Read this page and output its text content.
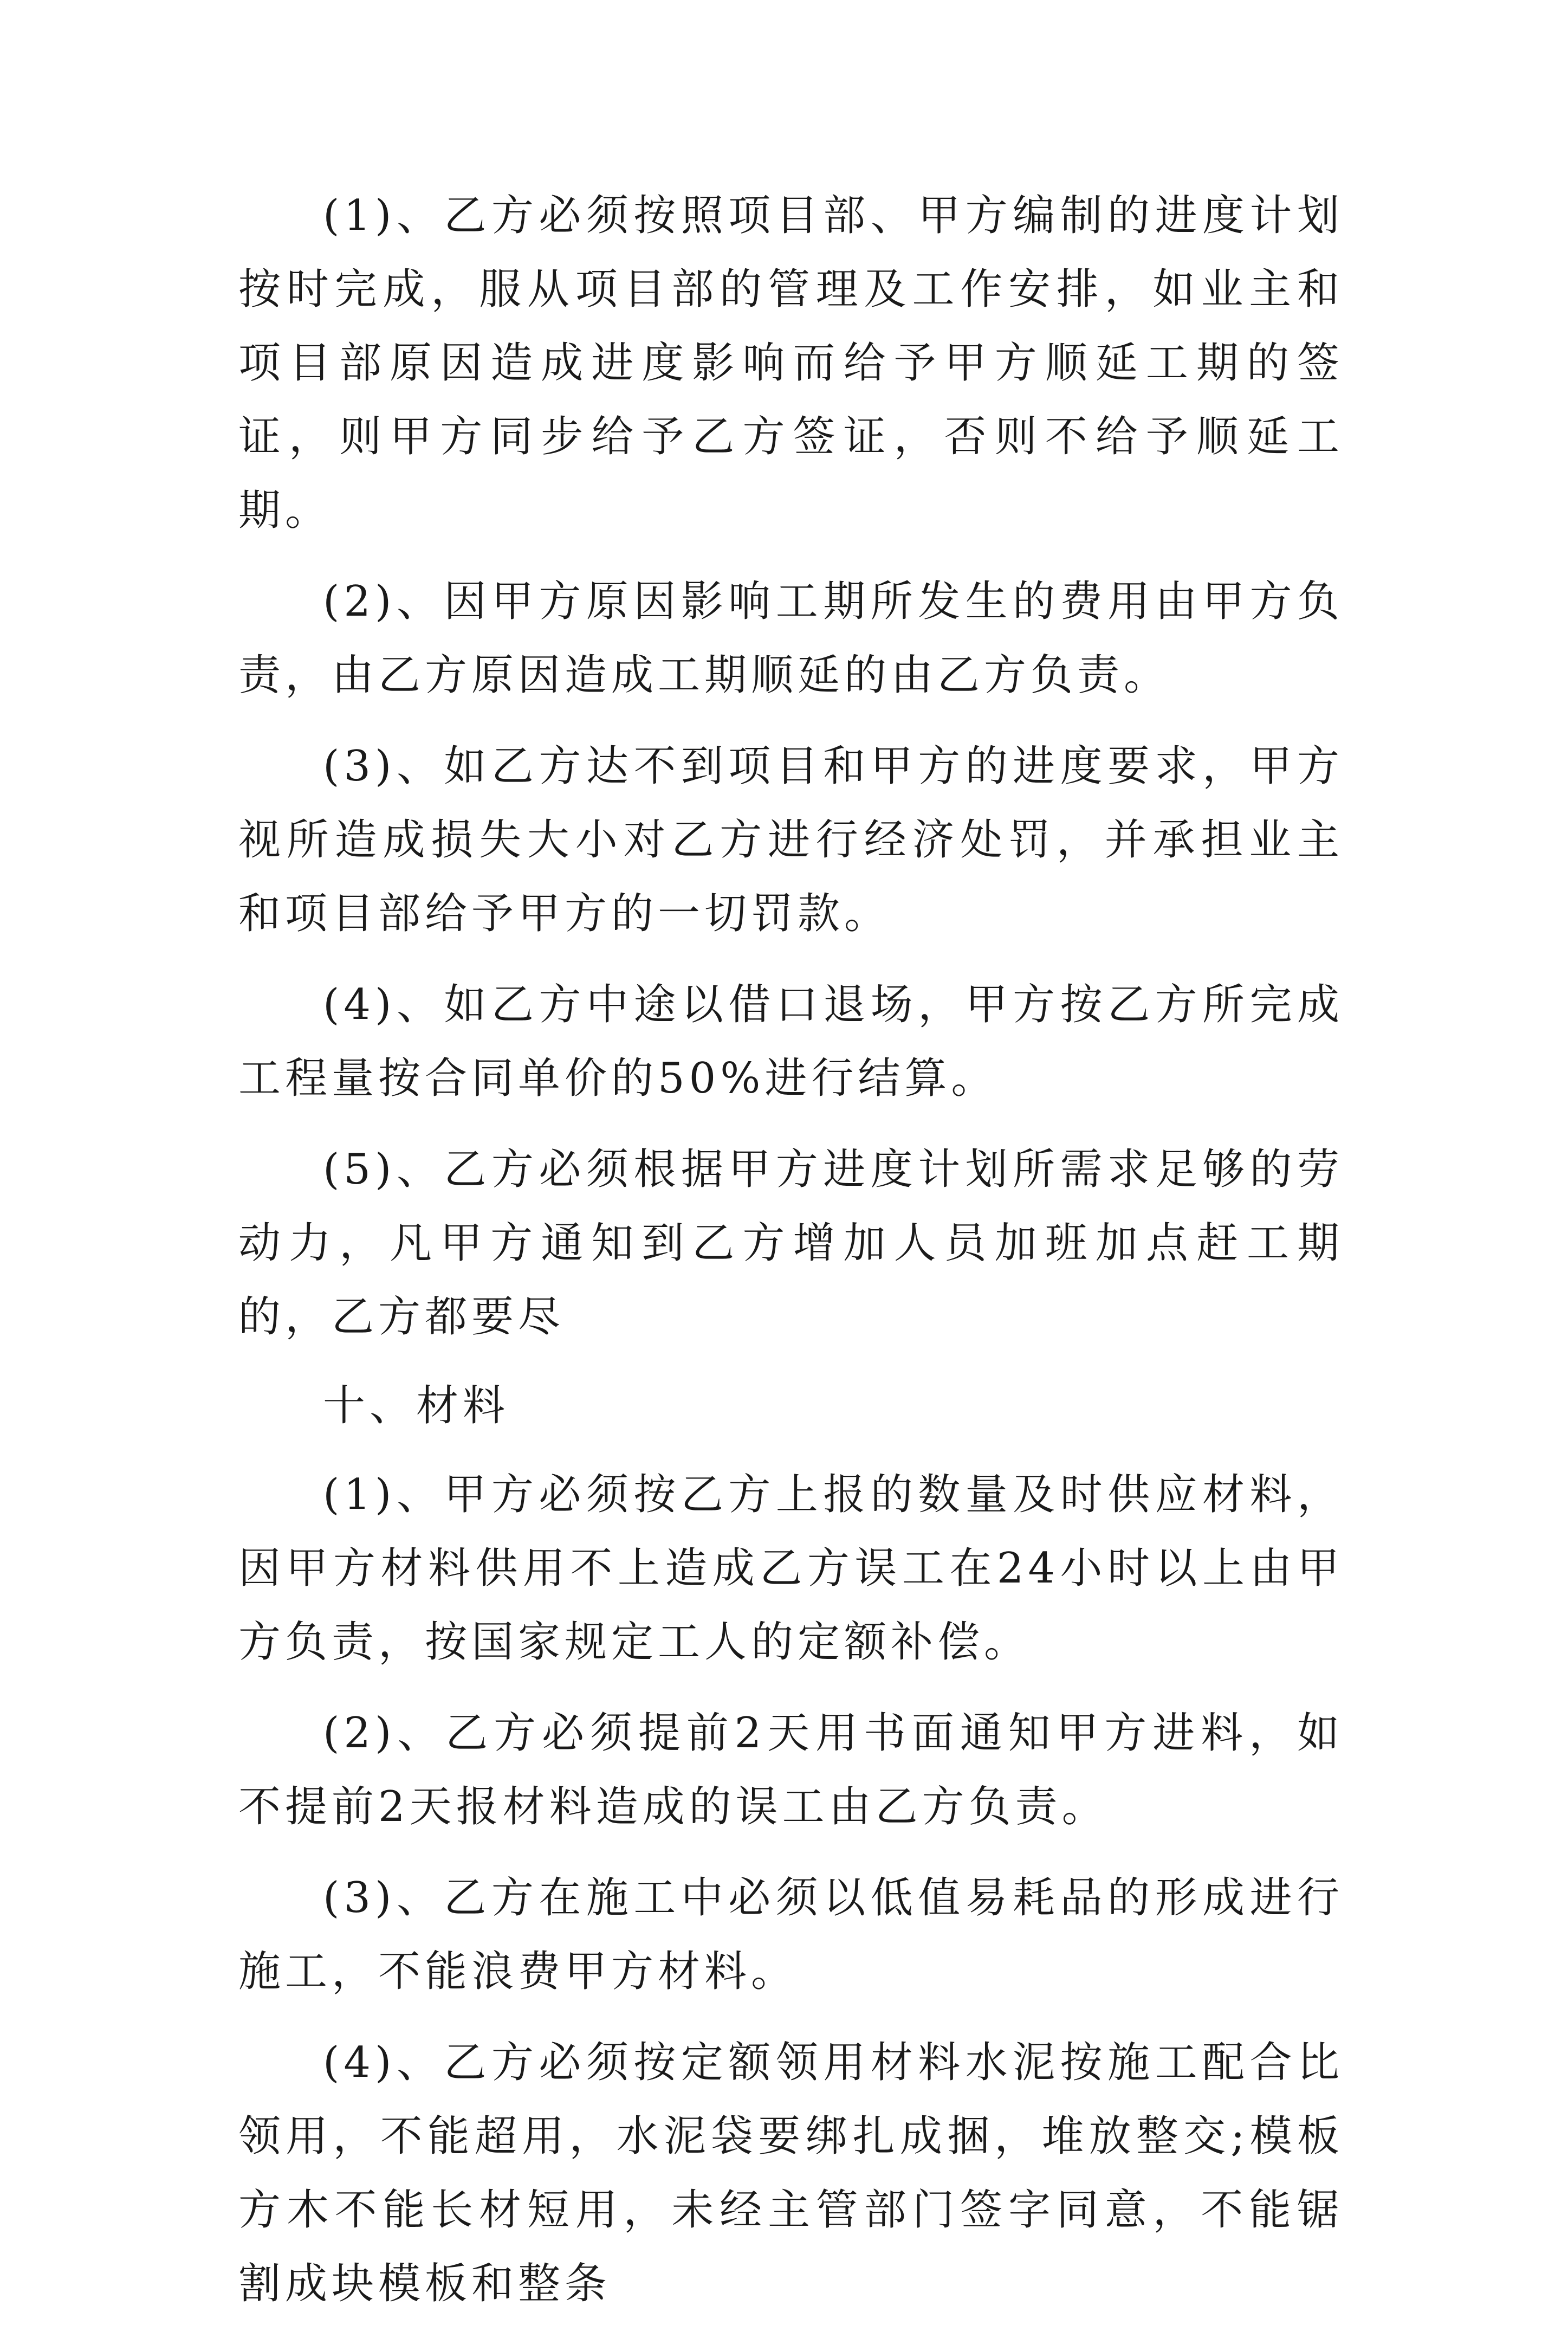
(1)、乙方必须按照项目部、甲方编制的进度计划按时完成，服从项目部的管理及工作安排，如业主和项目部原因造成进度影响而给予甲方顺延工期的签证，则甲方同步给予乙方签证，否则不给予顺延工期。

(2)、因甲方原因影响工期所发生的费用由甲方负责，由乙方原因造成工期顺延的由乙方负责。

(3)、如乙方达不到项目和甲方的进度要求，甲方视所造成损失大小对乙方进行经济处罚，并承担业主和项目部给予甲方的一切罚款。

(4)、如乙方中途以借口退场，甲方按乙方所完成工程量按合同单价的50%进行结算。

(5)、乙方必须根据甲方进度计划所需求足够的劳动力，凡甲方通知到乙方增加人员加班加点赶工期的，乙方都要尽

十、材料

(1)、甲方必须按乙方上报的数量及时供应材料，因甲方材料供用不上造成乙方误工在24小时以上由甲方负责，按国家规定工人的定额补偿。

(2)、乙方必须提前2天用书面通知甲方进料，如不提前2天报材料造成的误工由乙方负责。

(3)、乙方在施工中必须以低值易耗品的形成进行施工，不能浪费甲方材料。

(4)、乙方必须按定额领用材料水泥按施工配合比领用，不能超用，水泥袋要绑扎成捆，堆放整交;模板方木不能长材短用，未经主管部门签字同意，不能锯割成块模板和整条
